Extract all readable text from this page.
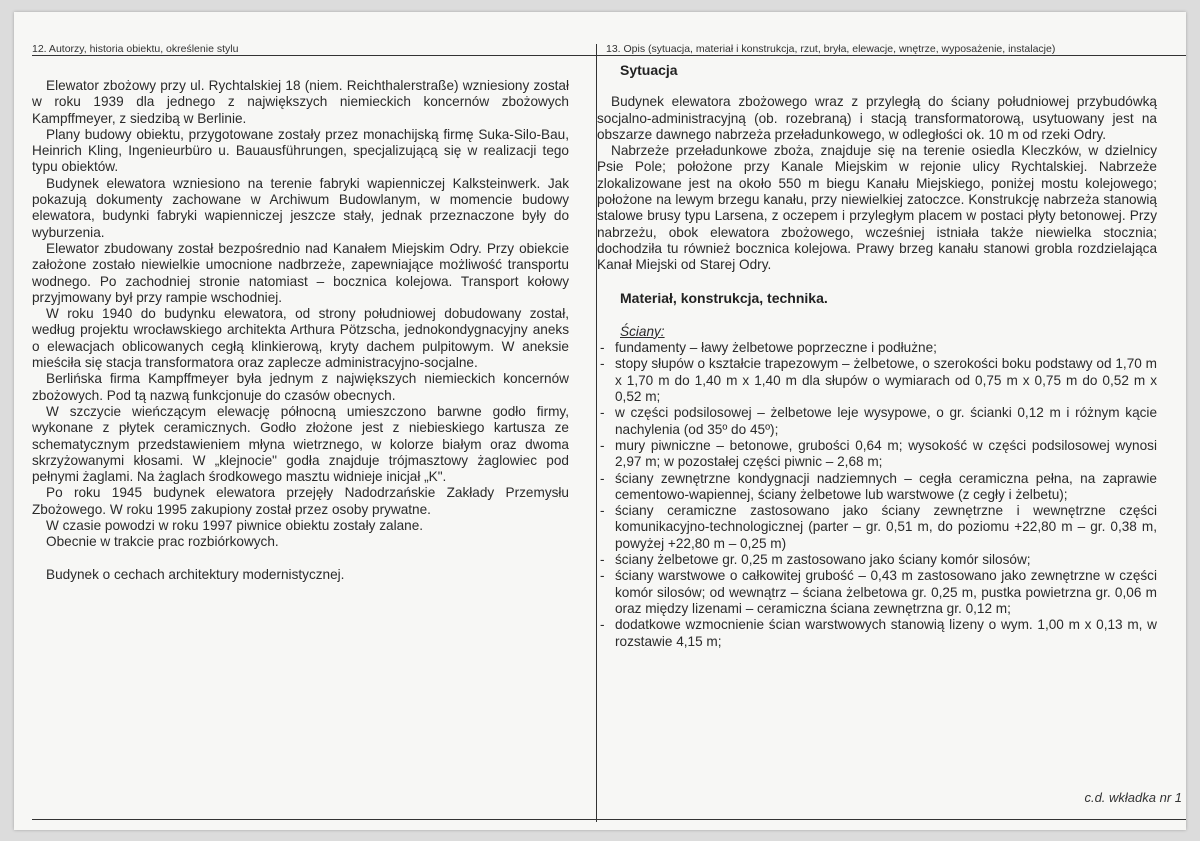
12. Autorzy, historia obiektu, określenie stylu	13. Opis (sytuacja, materiał i konstrukcja, rzut, bryła, elewacje, wnętrze, wyposażenie, instalacje)

Elewator zbożowy przy ul. Rychtalskiej 18 (niem. Reichthalerstraße) wzniesiony został w roku 1939 dla jednego z największych niemieckich koncernów zbożowych Kampffmeyer, z siedzibą w Berlinie.

Plany budowy obiektu, przygotowane zostały przez monachijską firmę Suka-Silo-Bau, Heinrich Kling, Ingenieurbüro u. Bauausführungen, specjalizującą się w realizacji tego typu obiektów.

Budynek elewatora wzniesiono na terenie fabryki wapienniczej Kalksteinwerk. Jak pokazują dokumenty zachowane w Archiwum Budowlanym, w momencie budowy elewatora, budynki fabryki wapienniczej jeszcze stały, jednak przeznaczone były do wyburzenia.

Elewator zbudowany został bezpośrednio nad Kanałem Miejskim Odry. Przy obiekcie założone zostało niewielkie umocnione nadbrzeże, zapewniające możliwość transportu wodnego. Po zachodniej stronie natomiast – bocznica kolejowa. Transport kołowy przyjmowany był przy rampie wschodniej.

W roku 1940 do budynku elewatora, od strony południowej dobudowany został, według projektu wrocławskiego architekta Arthura Pötzscha, jednokondygnacyjny aneks o elewacjach oblicowanych cegłą klinkierową, kryty dachem pulpitowym. W aneksie mieściła się stacja transformatora oraz zaplecze administracyjno-socjalne.

Berlińska firma Kampffmeyer była jednym z największych niemieckich koncernów zbożowych. Pod tą nazwą funkcjonuje do czasów obecnych.

W szczycie wieńczącym elewację północną umieszczono barwne godło firmy, wykonane z płytek ceramicznych. Godło złożone jest z niebieskiego kartusza ze schematycznym przedstawieniem młyna wietrznego, w kolorze białym oraz dwoma skrzyżowanymi kłosami. W „klejnocie" godła znajduje trójmasztowy żaglowiec pod pełnymi żaglami. Na żaglach środkowego masztu widnieje inicjał „K".

Po roku 1945 budynek elewatora przejęły Nadodrzańskie Zakłady Przemysłu Zbożowego. W roku 1995 zakupiony został przez osoby prywatne.

W czasie powodzi w roku 1997 piwnice obiektu zostały zalane.

Obecnie w trakcie prac rozbiórkowych.

Budynek o cechach architektury modernistycznej.

Sytuacja

Budynek elewatora zbożowego wraz z przyległą do ściany południowej przybudówką socjalno-administracyjną (ob. rozebraną) i stacją transformatorową, usytuowany jest na obszarze dawnego nabrzeża przeładunkowego, w odległości ok. 10 m od rzeki Odry.

Nabrzeże przeładunkowe zboża, znajduje się na terenie osiedla Kleczków, w dzielnicy Psie Pole; położone przy Kanale Miejskim w rejonie ulicy Rychtalskiej. Nabrzeże zlokalizowane jest na około 550 m biegu Kanału Miejskiego, poniżej mostu kolejowego; położone na lewym brzegu kanału, przy niewielkiej zatoczce. Konstrukcję nabrzeża stanowią stalowe brusy typu Larsena, z oczepem i przyległym placem w postaci płyty betonowej. Przy nabrzeżu, obok elewatora zbożowego, wcześniej istniała także niewielka stocznia; dochodziła tu również bocznica kolejowa. Prawy brzeg kanału stanowi grobla rozdzielająca Kanał Miejski od Starej Odry.

Materiał, konstrukcja, technika.
Ściany:
- fundamenty – ławy żelbetowe poprzeczne i podłużne;
- stopy słupów o kształcie trapezowym – żelbetowe, o szerokości boku podstawy od 1,70 m x 1,70 m do 1,40 m x 1,40 m dla słupów o wymiarach od 0,75 m x 0,75 m do 0,52 m x 0,52 m;
- w części podsilosowej – żelbetowe leje wysypowe, o gr. ścianki 0,12 m i różnym kącie nachylenia (od 35º do 45º);
- mury piwniczne – betonowe, grubości 0,64 m; wysokość w części podsilosowej wynosi 2,97 m; w pozostałej części piwnic – 2,68 m;
- ściany zewnętrzne kondygnacji nadziemnych – cegła ceramiczna pełna, na zaprawie cementowo-wapiennej, ściany żelbetowe lub warstwowe (z cegły i żelbetu);
- ściany ceramiczne zastosowano jako ściany zewnętrzne i wewnętrzne części komunikacyjno-technologicznej (parter – gr. 0,51 m, do poziomu +22,80 m – gr. 0,38 m, powyżej +22,80 m – 0,25 m)
- ściany żelbetowe gr. 0,25 m zastosowano jako ściany komór silosów;
- ściany warstwowe o całkowitej grubość – 0,43 m zastosowano jako zewnętrzne w części komór silosów; od wewnątrz – ściana żelbetowa gr. 0,25 m, pustka powietrzna gr. 0,06 m oraz między lizenami – ceramiczna ściana zewnętrzna gr. 0,12 m;
- dodatkowe wzmocnienie ścian warstwowych stanowią lizeny o wym. 1,00 m x 0,13 m, w rozstawie 4,15 m;
c.d. wkładka nr 1
